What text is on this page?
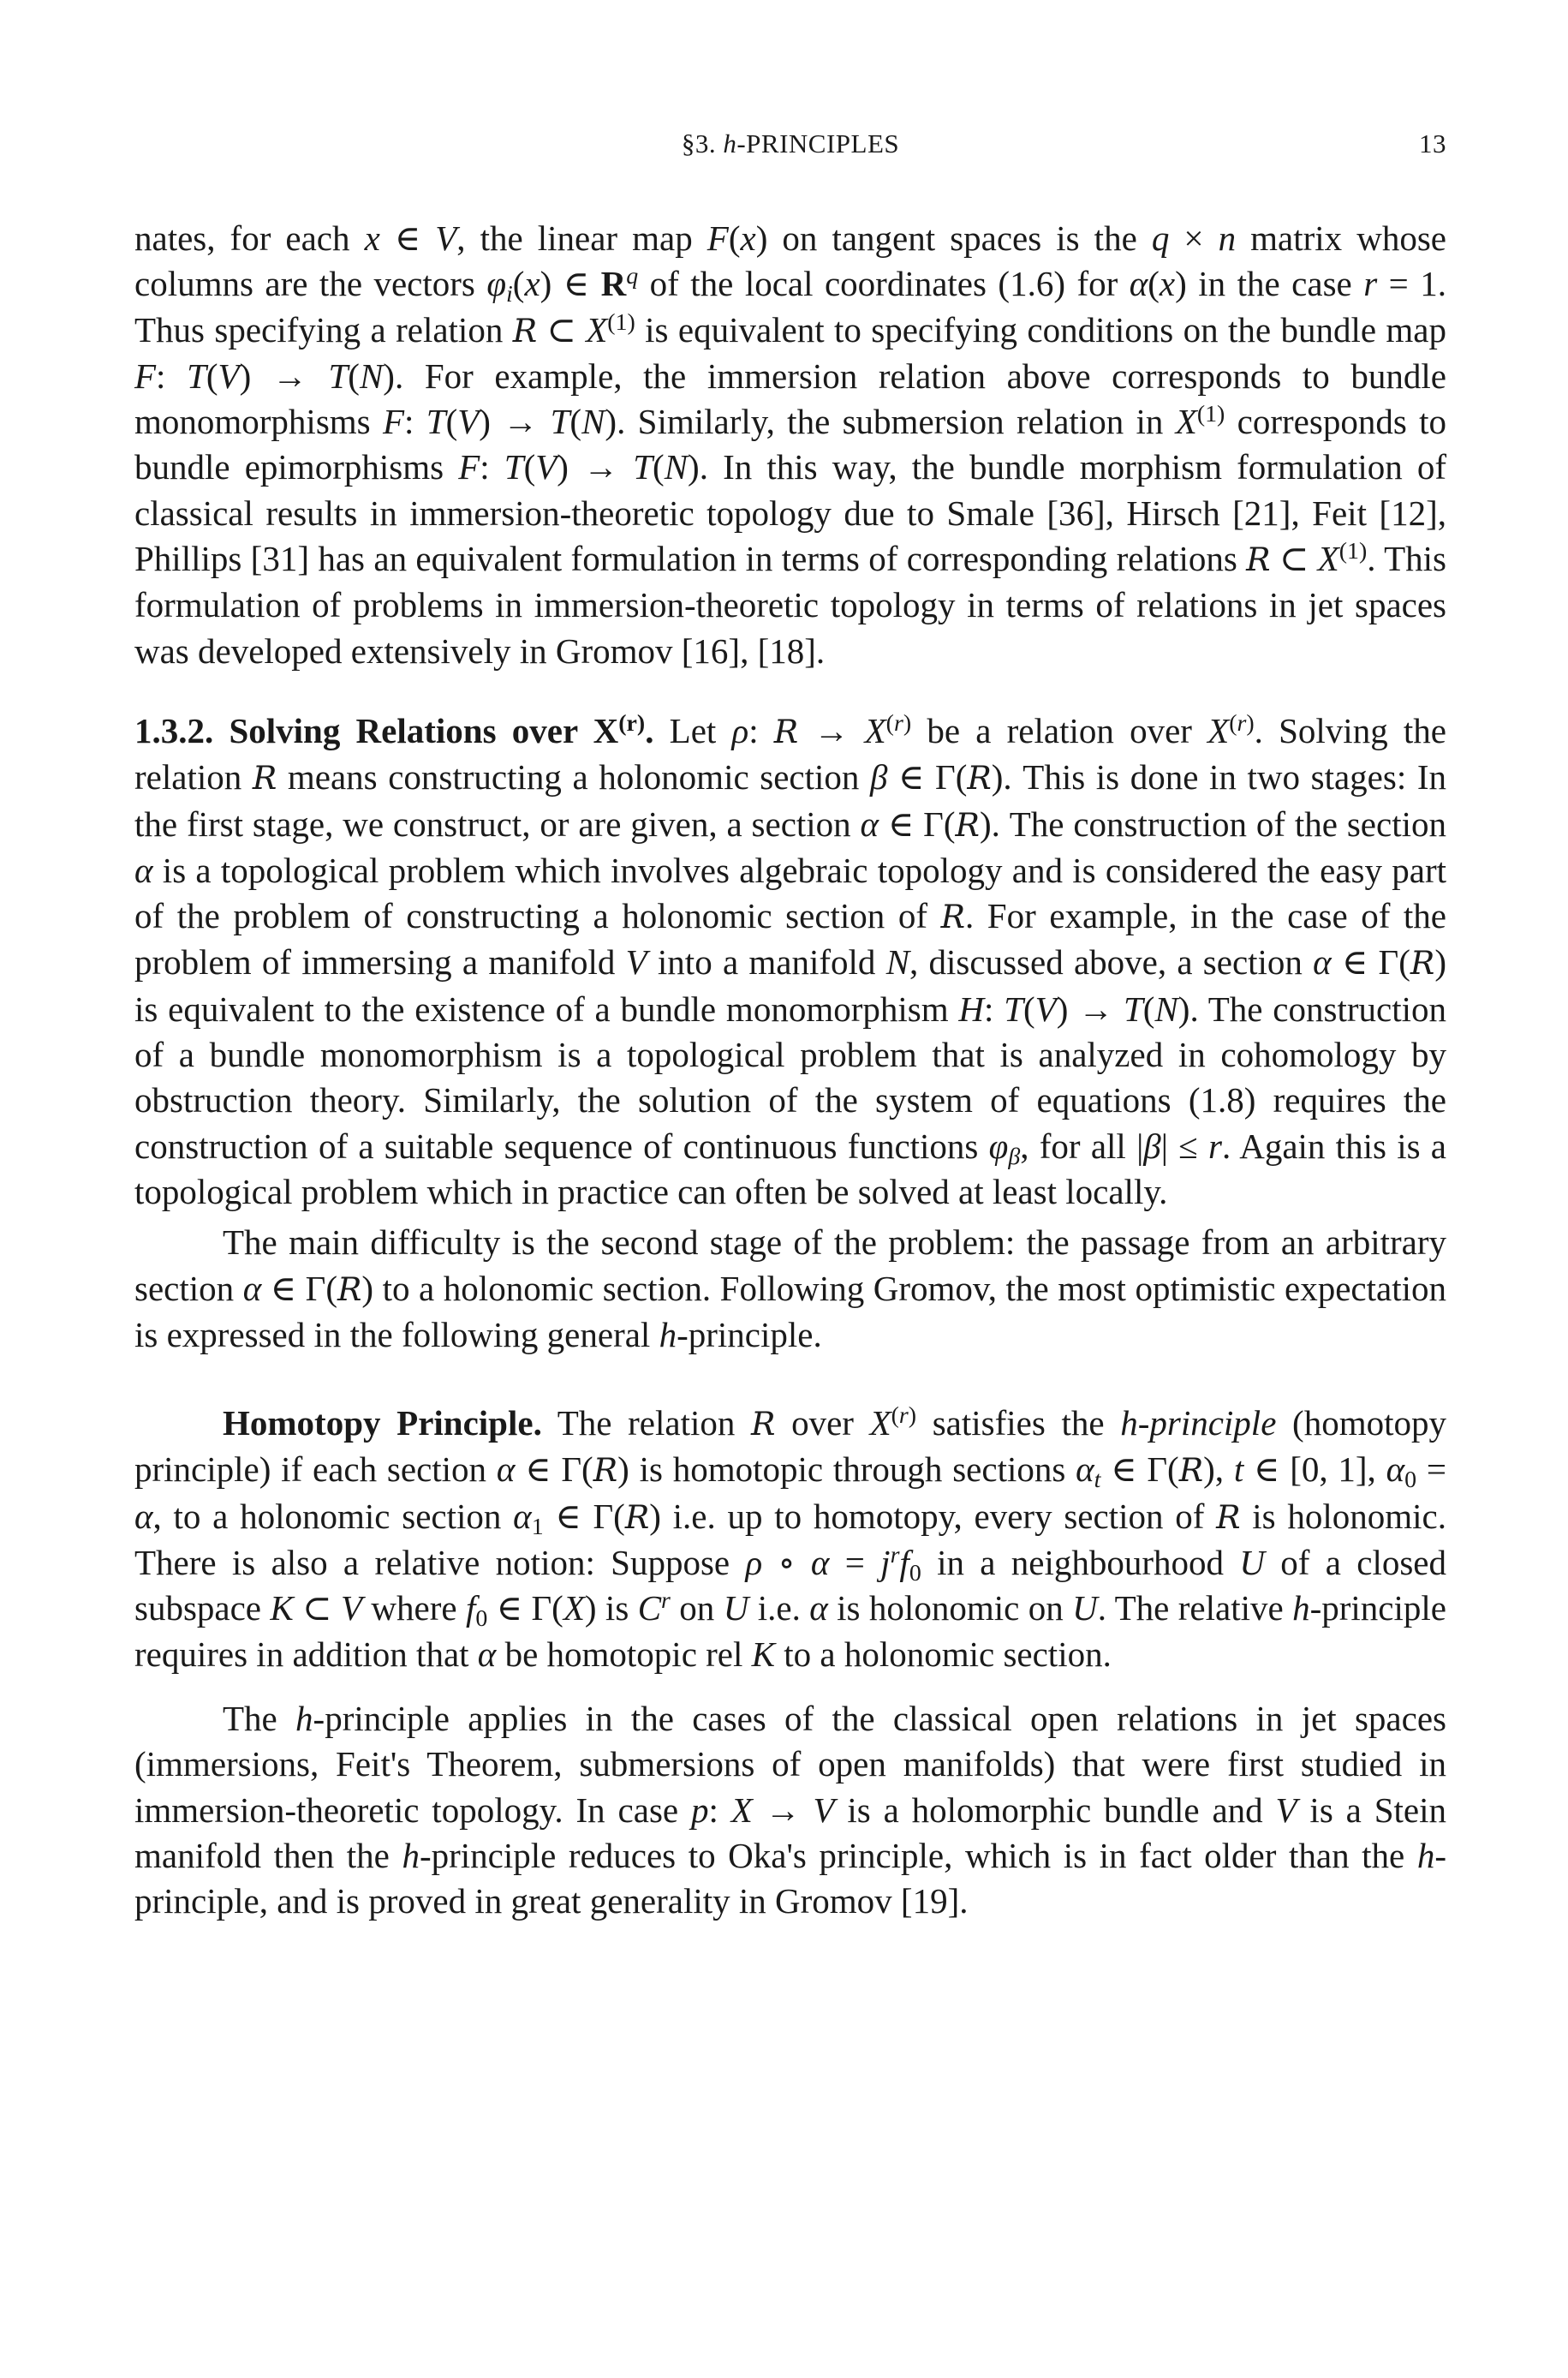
§3. h-PRINCIPLES	13

nates, for each x ∈ V, the linear map F(x) on tangent spaces is the q × n matrix whose columns are the vectors $\varphi_i(x)$ ∈ $R^q$ of the local coordinates (1.6) for α(x) in the case r = 1. Thus specifying a relation R ⊂ $X^{(1)}$ is equivalent to specifying conditions on the bundle map F: T(V) → T(N). For example, the immersion relation above corresponds to bundle monomorphisms F: T(V) → T(N). Similarly, the submersion relation in $X^{(1)}$ corresponds to bundle epimorphisms F: T(V) → T(N). In this way, the bundle morphism formulation of classical results in immersion-theoretic topology due to Smale [36], Hirsch [21], Feit [12], Phillips [31] has an equivalent formulation in terms of corresponding relations R ⊂ $X^{(1)}$. This formulation of problems in immersion-theoretic topology in terms of relations in jet spaces was developed extensively in Gromov [16], [18].

1.3.2. Solving Relations over $X^{(r)}$. Let ρ: $R \to X^{(r)}$ be a relation over $X^{(r)}$. Solving the relation R means constructing a holonomic section β ∈ Γ(R). This is done in two stages: In the first stage, we construct, or are given, a section α ∈ Γ(R). The construction of the section α is a topological problem which involves algebraic topology and is considered the easy part of the problem of constructing a holonomic section of R. For example, in the case of the problem of immersing a manifold V into a manifold N, discussed above, a section α ∈ Γ(R) is equivalent to the existence of a bundle monomorphism H: T(V) → T(N). The construction of a bundle monomorphism is a topological problem that is analyzed in cohomology by obstruction theory. Similarly, the solution of the system of equations (1.8) requires the construction of a suitable sequence of continuous functions $\varphi_\beta$, for all |β| ≤ r. Again this is a topological problem which in practice can often be solved at least locally.

The main difficulty is the second stage of the problem: the passage from an arbitrary section α ∈ Γ(R) to a holonomic section. Following Gromov, the most optimistic expectation is expressed in the following general h-principle.

Homotopy Principle. The relation R over $X^{(r)}$ satisfies the h-principle (homotopy principle) if each section α ∈ Γ(R) is homotopic through sections $\alpha_t$ ∈ Γ(R), t ∈ [0, 1], $\alpha_0 = \alpha$, to a holonomic section $\alpha_1$ ∈ Γ(R) i.e. up to homotopy, every section of R is holonomic. There is also a relative notion: Suppose ρ ∘ $\alpha = j^rf_0$ in a neighbourhood U of a closed subspace K ⊂ V where $f_0$ ∈ Γ(X) is $C^r$ on U i.e. α is holonomic on U. The relative h-principle requires in addition that α be homotopic rel K to a holonomic section.

The h-principle applies in the cases of the classical open relations in jet spaces (immersions, Feit's Theorem, submersions of open manifolds) that were first studied in immersion-theoretic topology. In case p: X → V is a holomorphic bundle and V is a Stein manifold then the h-principle reduces to Oka's principle, which is in fact older than the h-principle, and is proved in great generality in Gromov [19].
